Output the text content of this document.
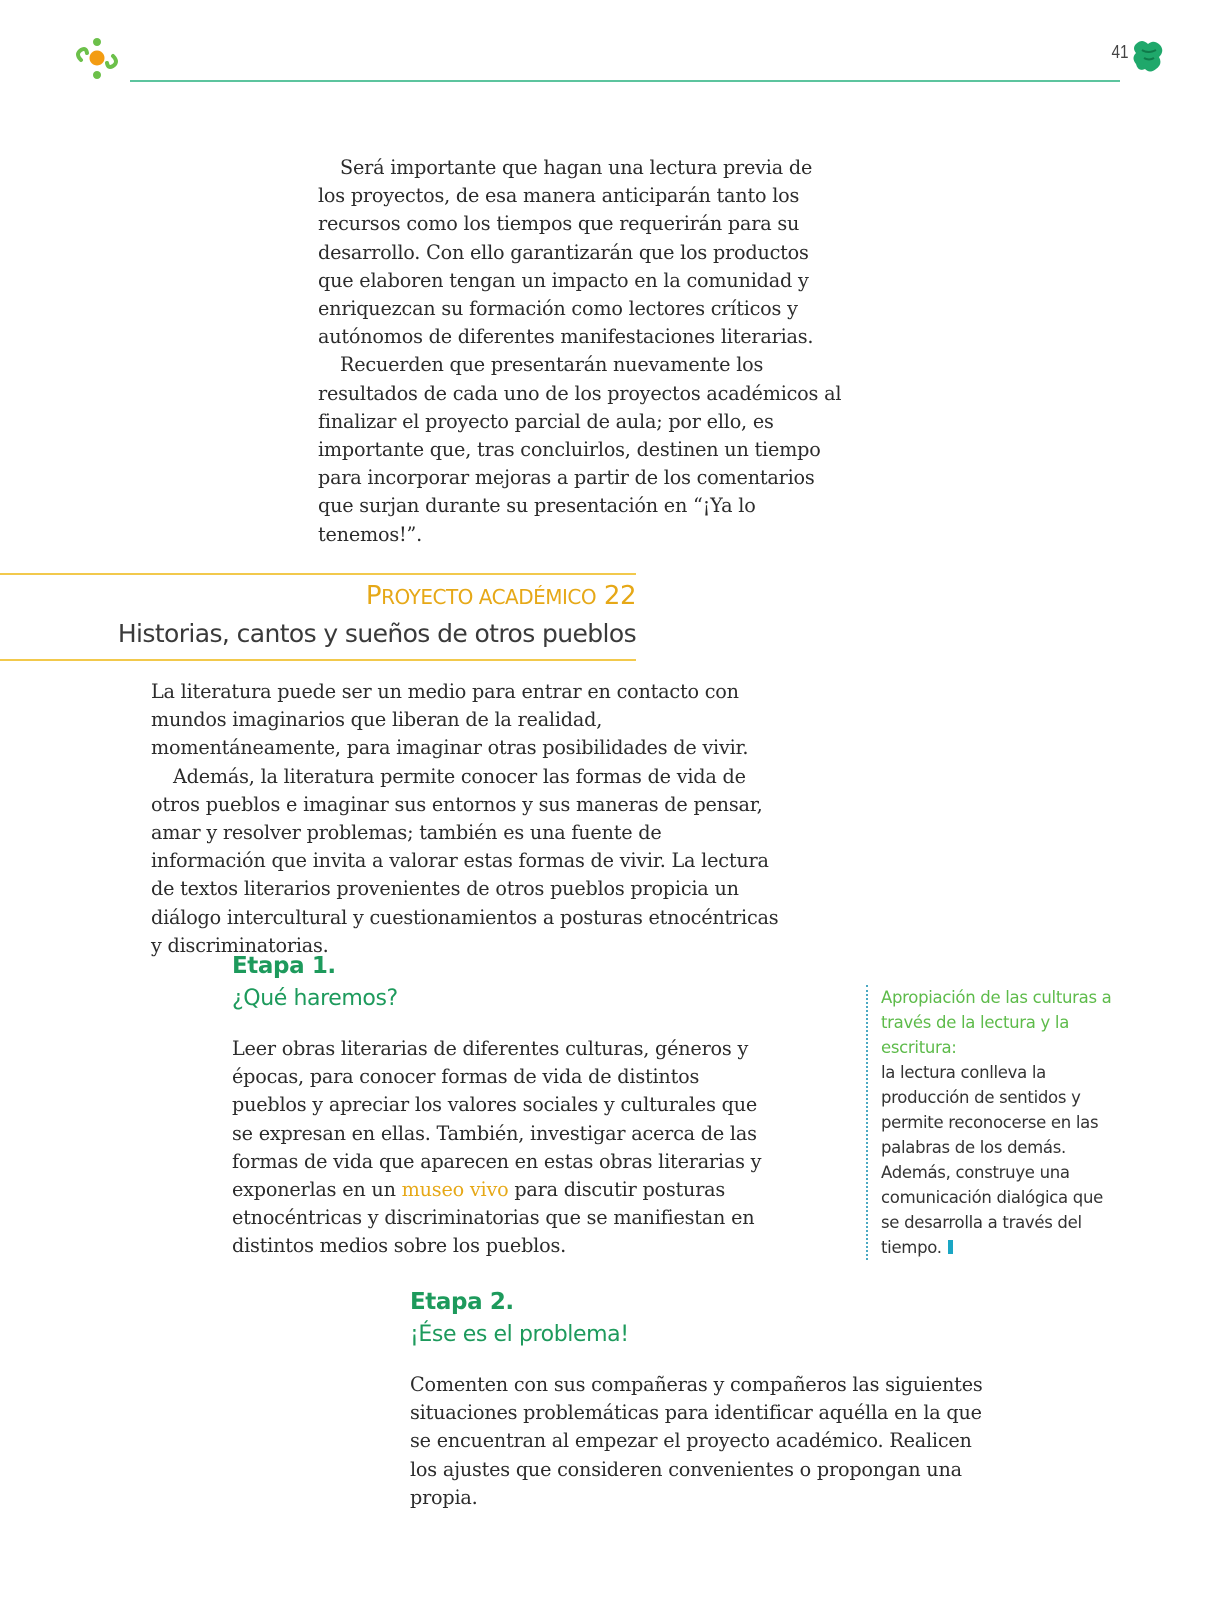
41

Será importante que hagan una lectura previa de los proyectos, de esa manera anticiparán tanto los recursos como los tiempos que requerirán para su desarrollo. Con ello garantizarán que los productos que elaboren tengan un impacto en la comunidad y enriquezcan su formación como lectores críticos y autónomos de diferentes manifestaciones literarias.

Recuerden que presentarán nuevamente los resultados de cada uno de los proyectos académicos al finalizar el proyecto parcial de aula; por ello, es importante que, tras concluirlos, destinen un tiempo para incorporar mejoras a partir de los comentarios que surjan durante su presentación en “¡Ya lo tenemos!”.

PROYECTO ACADÉMICO 22
Historias, cantos y sueños de otros pueblos

La literatura puede ser un medio para entrar en contacto con mundos imaginarios que liberan de la realidad, momentáneamente, para imaginar otras posibilidades de vivir.

Además, la literatura permite conocer las formas de vida de otros pueblos e imaginar sus entornos y sus maneras de pensar, amar y resolver problemas; también es una fuente de información que invita a valorar estas formas de vivir. La lectura de textos literarios provenientes de otros pueblos propicia un diálogo intercultural y cuestionamientos a posturas etnocéntricas y discriminatorias.

Etapa 1.
¿Qué haremos?

Leer obras literarias de diferentes culturas, géneros y épocas, para conocer formas de vida de distintos pueblos y apreciar los valores sociales y culturales que se expresan en ellas. También, investigar acerca de las formas de vida que aparecen en estas obras literarias y exponerlas en un museo vivo para discutir posturas etnocéntricas y discriminatorias que se manifiestan en distintos medios sobre los pueblos.

Apropiación de las culturas a través de la lectura y la escritura:

la lectura conlleva la producción de sentidos y permite reconocerse en las palabras de los demás. Además, construye una comunicación dialógica que se desarrolla a través del tiempo.

Etapa 2.
¡Ése es el problema!

Comenten con sus compañeras y compañeros las siguientes situaciones problemáticas para identificar aquélla en la que se encuentran al empezar el proyecto académico. Realicen los ajustes que consideren convenientes o propongan una propia.
